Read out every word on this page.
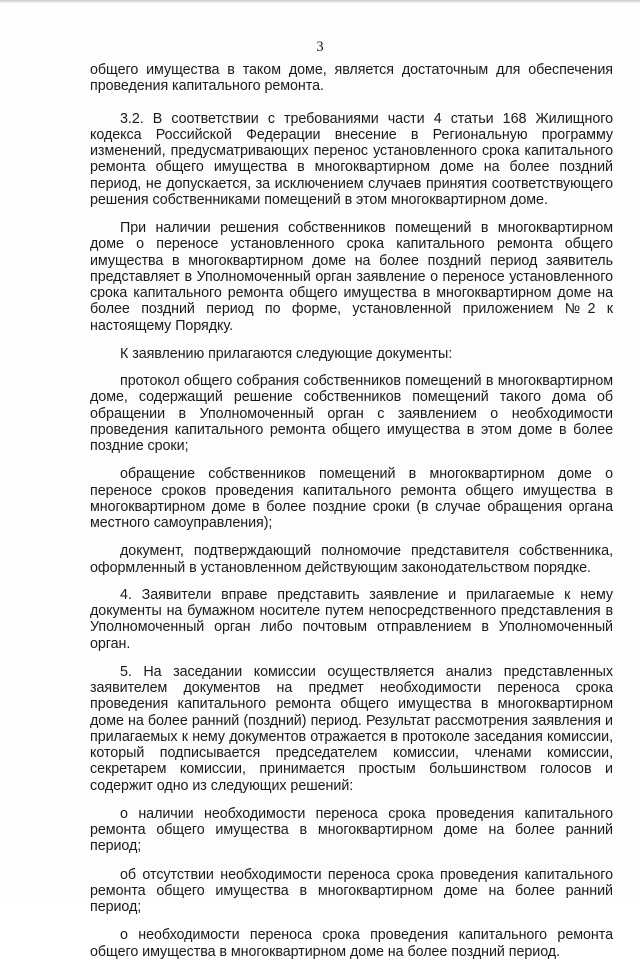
3

общего имущества в таком доме, является достаточным для обеспечения проведения капитального ремонта.

3.2. В соответствии с требованиями части 4 статьи 168 Жилищного кодекса Российской Федерации внесение в Региональную программу изменений, предусматривающих перенос установленного срока капитального ремонта общего имущества в многоквартирном доме на более поздний период, не допускается, за исключением случаев принятия соответствующего решения собственниками помещений в этом многоквартирном доме.

При наличии решения собственников помещений в многоквартирном доме о переносе установленного срока капитального ремонта общего имущества в многоквартирном доме на более поздний период заявитель представляет в Уполномоченный орган заявление о переносе установленного срока капитального ремонта общего имущества в многоквартирном доме на более поздний период по форме, установленной приложением №2 к настоящему Порядку.

К заявлению прилагаются следующие документы:

протокол общего собрания собственников помещений в многоквартирном доме, содержащий решение собственников помещений такого дома об обращении в Уполномоченный орган с заявлением о необходимости проведения капитального ремонта общего имущества в этом доме в более поздние сроки;

обращение собственников помещений в многоквартирном доме о переносе сроков проведения капитального ремонта общего имущества в многоквартирном доме в более поздние сроки (в случае обращения органа местного самоуправления);

документ, подтверждающий полномочие представителя собственника, оформленный в установленном действующим законодательством порядке.

4. Заявители вправе представить заявление и прилагаемые к нему документы на бумажном носителе путем непосредственного представления в Уполномоченный орган либо почтовым отправлением в Уполномоченный орган.

5. На заседании комиссии осуществляется анализ представленных заявителем документов на предмет необходимости переноса срока проведения капитального ремонта общего имущества в многоквартирном доме на более ранний (поздний) период. Результат рассмотрения заявления и прилагаемых к нему документов отражается в протоколе заседания комиссии, который подписывается председателем комиссии, членами комиссии, секретарем комиссии, принимается простым большинством голосов и содержит одно из следующих решений:

о наличии необходимости переноса срока проведения капитального ремонта общего имущества в многоквартирном доме на более ранний период;

об отсутствии необходимости переноса срока проведения капитального ремонта общего имущества в многоквартирном доме на более ранний период;

о необходимости переноса срока проведения капитального ремонта общего имущества в многоквартирном доме на более поздний период.
